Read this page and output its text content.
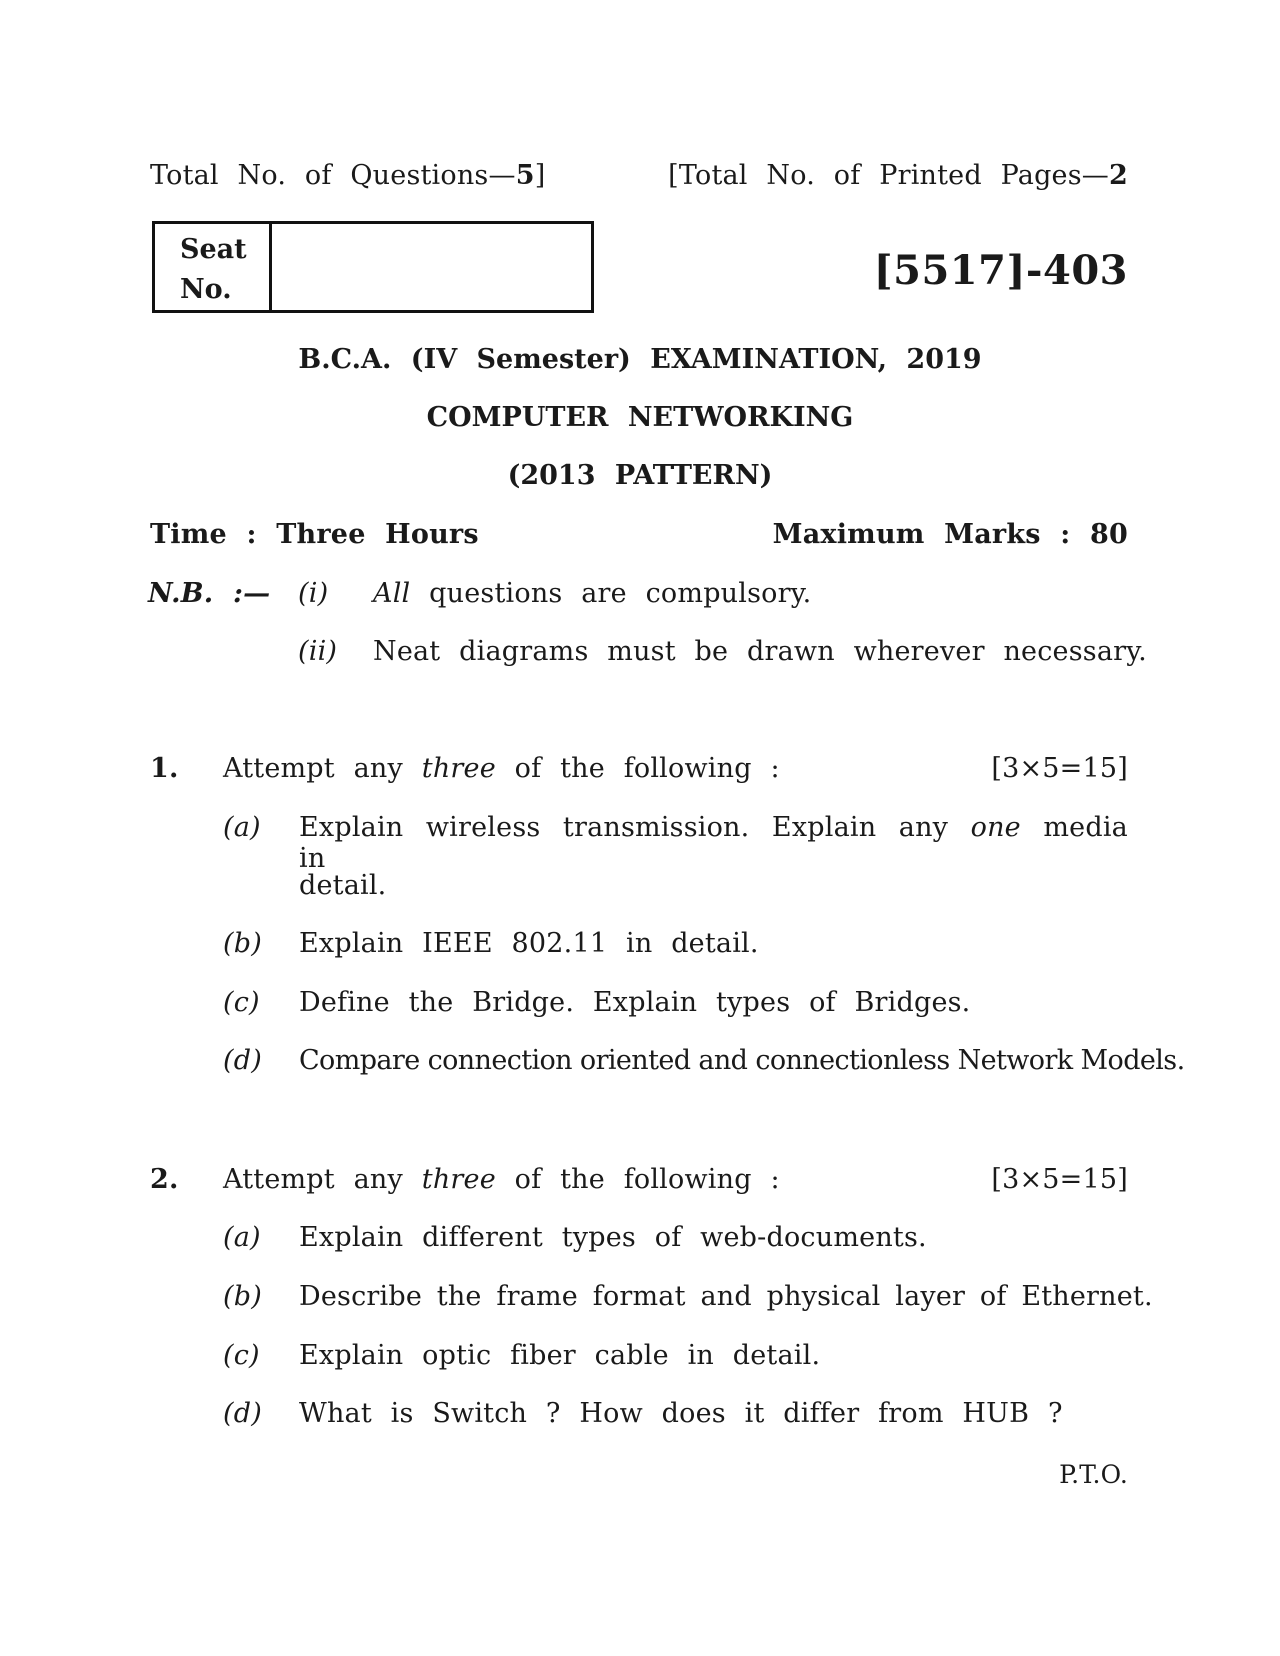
Total No. of Questions—5]	[Total No. of Printed Pages—2
Seat
No.	[5517]-403
B.C.A. (IV Semester) EXAMINATION, 2019
COMPUTER NETWORKING
(2013 PATTERN)
Time : Three Hours	Maximum Marks : 80
N.B. :— (i) All questions are compulsory.
(ii) Neat diagrams must be drawn wherever necessary.
1. Attempt any three of the following :	[3×5=15]
(a) Explain wireless transmission. Explain any one media in
detail.
(b) Explain IEEE 802.11 in detail.
(c) Define the Bridge. Explain types of Bridges.
(d) Compare connection oriented and connectionless Network Models.
2. Attempt any three of the following :	[3×5=15]
(a) Explain different types of web-documents.
(b) Describe the frame format and physical layer of Ethernet.
(c) Explain optic fiber cable in detail.
(d) What is Switch ? How does it differ from HUB ?
P.T.O.
